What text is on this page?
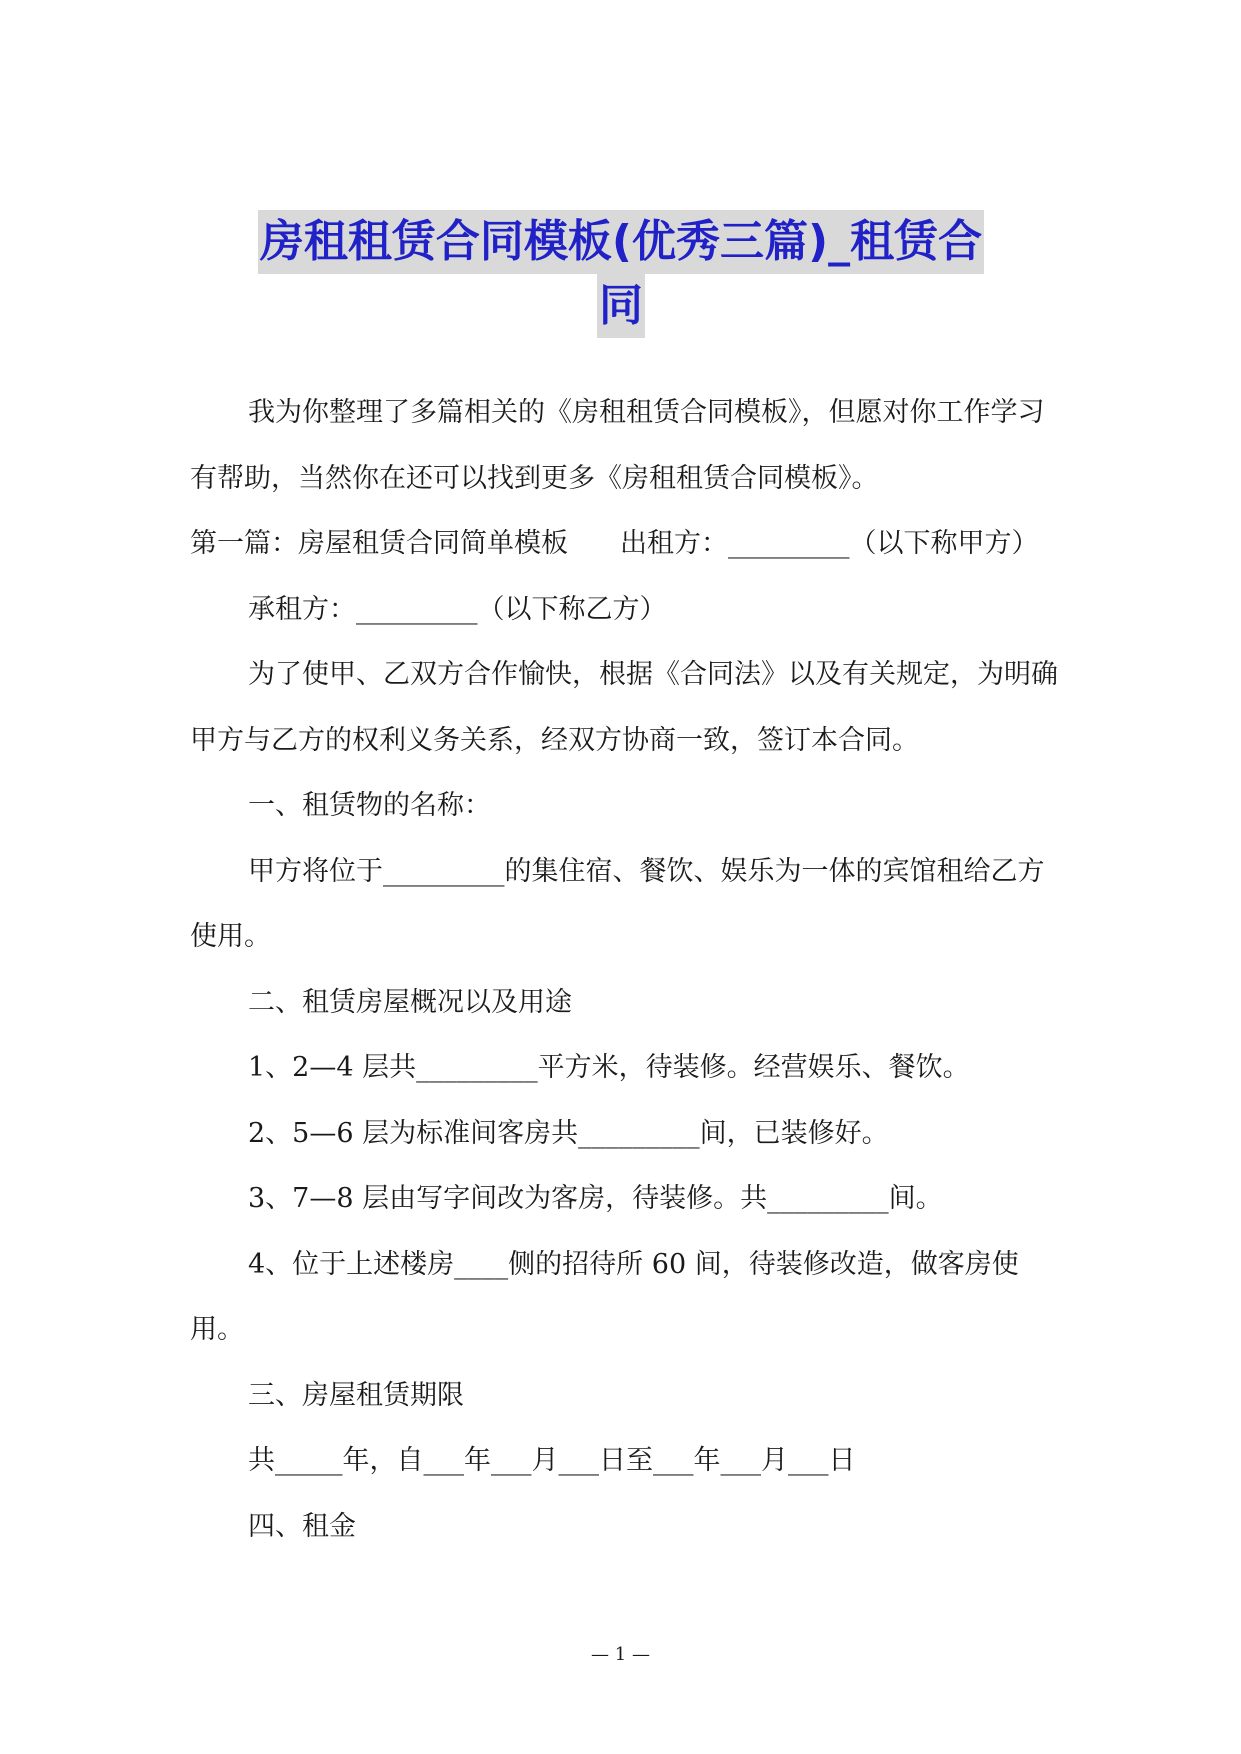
房租租赁合同模板(优秀三篇)_租赁合
同

我为你整理了多篇相关的《房租租赁合同模板》，但愿对你工作学习有帮助，当然你在还可以找到更多《房租租赁合同模板》。

第一篇：房屋租赁合同简单模板 出租方：_________（以下称甲方）

承租方：_________（以下称乙方）

为了使甲、乙双方合作愉快，根据《合同法》以及有关规定，为明确甲方与乙方的权利义务关系，经双方协商一致，签订本合同。

一、租赁物的名称：

甲方将位于_________的集住宿、餐饮、娱乐为一体的宾馆租给乙方使用。

二、租赁房屋概况以及用途

1、2—4 层共_________平方米，待装修。经营娱乐、餐饮。

2、5—6 层为标准间客房共_________间，已装修好。

3、7—8 层由写字间改为客房，待装修。共_________间。

4、位于上述楼房____侧的招待所 60 间，待装修改造，做客房使用。

三、房屋租赁期限

共_____年，自___年___月___日至___年___月___日

四、租金

— 1 —
